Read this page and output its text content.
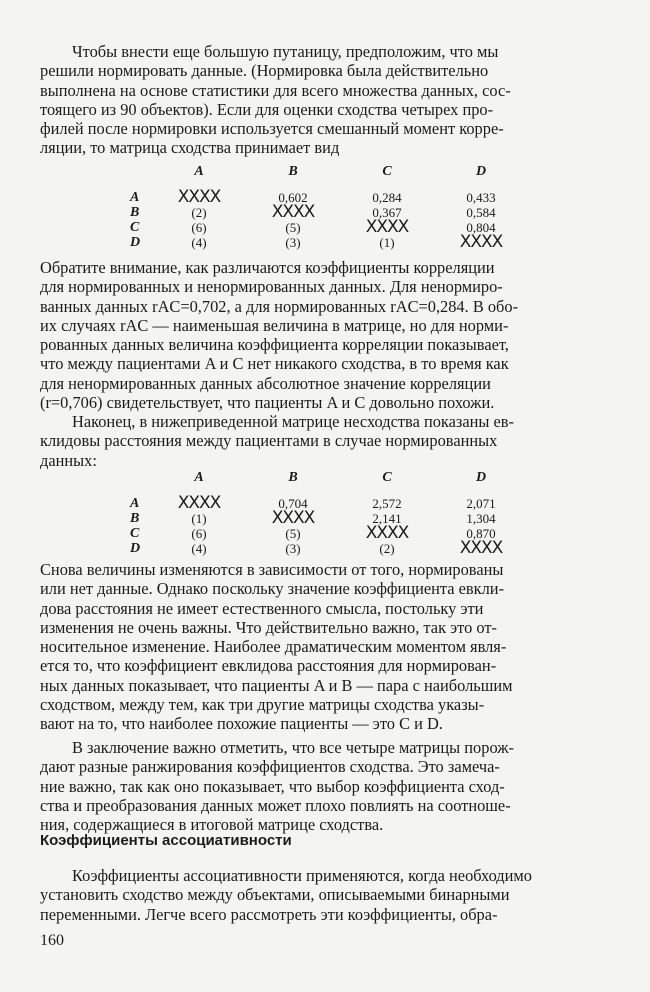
Чтобы внести еще большую путаницу, предположим, что мы
решили нормировать данные. (Нормировка была действительно
выполнена на основе статистики для всего множества данных, сос-
тоящего из 90 объектов). Если для оценки сходства четырех про-
филей после нормировки используется смешанный момент корре-
ляции, то матрица сходства принимает вид

	A	B	C	D
A	XXXX	0,602	0,284	0,433
B	(2)	XXXX	0,367	0,584
C	(6)	(5)	XXXX	0,804
D	(4)	(3)	(1)	XXXX

Обратите внимание, как различаются коэффициенты корреляции
для нормированных и ненормированных данных. Для ненормиро-
ванных данных rAC=0,702, а для нормированных rAC=0,284. В обо-
их случаях rAC — наименьшая величина в матрице, но для норми-
рованных данных величина коэффициента корреляции показывает,
что между пациентами A и C нет никакого сходства, в то время как
для ненормированных данных абсолютное значение корреляции
(r=0,706) свидетельствует, что пациенты A и C довольно похожи.

Наконец, в нижеприведенной матрице несходства показаны ев-
клидовы расстояния между пациентами в случае нормированных
данных:

	A	B	C	D
A	XXXX	0,704	2,572	2,071
B	(1)	XXXX	2,141	1,304
C	(6)	(5)	XXXX	0,870
D	(4)	(3)	(2)	XXXX

Снова величины изменяются в зависимости от того, нормированы
или нет данные. Однако поскольку значение коэффициента евкли-
дова расстояния не имеет естественного смысла, постольку эти
изменения не очень важны. Что действительно важно, так это от-
носительное изменение. Наиболее драматическим моментом явля-
ется то, что коэффициент евклидова расстояния для нормирован-
ных данных показывает, что пациенты A и B — пара с наибольшим
сходством, между тем, как три другие матрицы сходства указы-
вают на то, что наиболее похожие пациенты — это C и D.

В заключение важно отметить, что все четыре матрицы порож-
дают разные ранжирования коэффициентов сходства. Это замеча-
ние важно, так как оно показывает, что выбор коэффициента сход-
ства и преобразования данных может плохо повлиять на соотноше-
ния, содержащиеся в итоговой матрице сходства.

Коэффициенты ассоциативности

Коэффициенты ассоциативности применяются, когда необходимо
установить сходство между объектами, описываемыми бинарными
переменными. Легче всего рассмотреть эти коэффициенты, обра-

160
